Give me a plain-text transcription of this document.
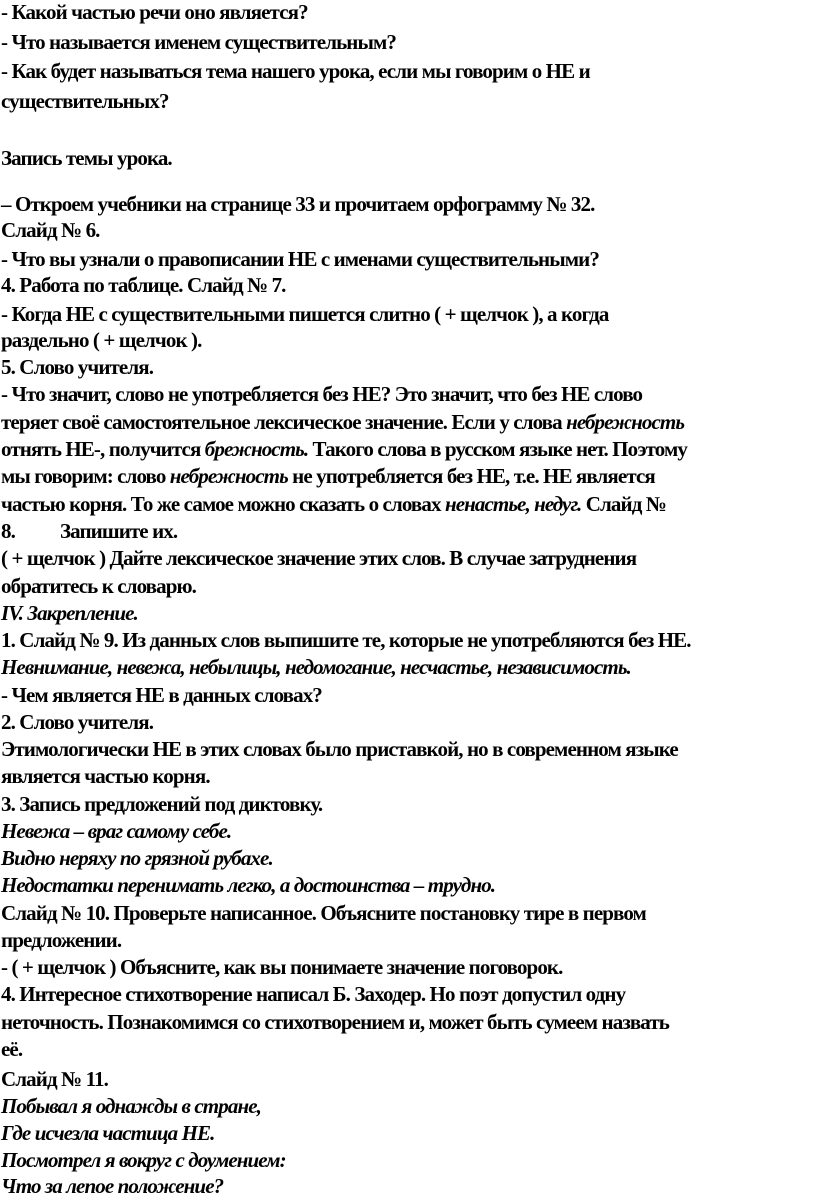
- Какой частью речи оно является?
- Что называется именем существительным?
- Как будет называться тема нашего урока, если мы говорим о НЕ и
существительных?
Запись темы урока.
– Откроем учебники на странице 33 и прочитаем орфограмму № 32.
Слайд № 6.
- Что вы узнали о правописании НЕ с именами существительными?
4. Работа по таблице. Слайд № 7.
- Когда НЕ с существительными пишется слитно ( + щелчок ), а когда
раздельно ( + щелчок ).
5. Слово учителя.
- Что значит, слово не употребляется без НЕ? Это значит, что без НЕ слово
теряет своё самостоятельное лексическое значение. Если у слова небрежность
отнять НЕ-, получится брежность. Такого слова в русском языке нет. Поэтому
мы говорим: слово небрежность не употребляется без НЕ, т.е. НЕ является
частью корня. То же самое можно сказать о словах ненастье, недуг. Слайд №
8. Запишите их.
( + щелчок ) Дайте лексическое значение этих слов. В случае затруднения
обратитесь к словарю.
IV. Закрепление.
1. Слайд № 9. Из данных слов выпишите те, которые не употребляются без НЕ.
Невнимание, невежа, небылицы, недомогание, несчастье, независимость.
- Чем является НЕ в данных словах?
2. Слово учителя.
Этимологически НЕ в этих словах было приставкой, но в современном языке
является частью корня.
3. Запись предложений под диктовку.
Невежа – враг самому себе.
Видно неряху по грязной рубахе.
Недостатки перенимать легко, а достоинства – трудно.
Слайд № 10. Проверьте написанное. Объясните постановку тире в первом
предложении.
- ( + щелчок ) Объясните, как вы понимаете значение поговорок.
4. Интересное стихотворение написал Б. Заходер. Но поэт допустил одну
неточность. Познакомимся со стихотворением и, может быть сумеем назвать
её.
Слайд № 11.
Побывал я однажды в стране,
Где исчезла частица НЕ.
Посмотрел я вокруг с доумением:
Что за лепое положение?
